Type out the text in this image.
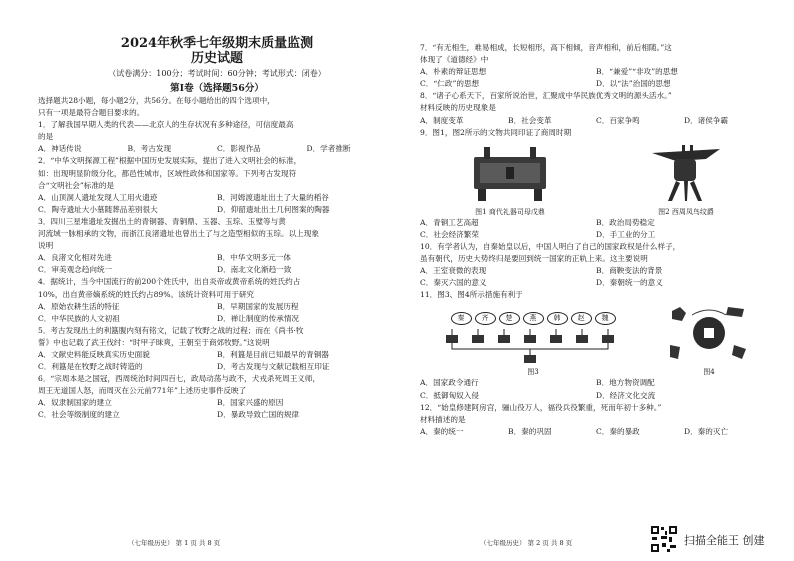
2024年秋季七年级期末质量监测
历史试题
（试卷满分：100分；考试时间：60分钟；考试形式：闭卷）
第Ⅰ卷（选择题56分）

选择题共28小题，每小题2分，共56分。在每小题给出的四个选项中，

只有一项是最符合题目要求的。

1．了解我国早期人类的代表——北京人的生存状况有多种途径，可信度最高

的是

A．神话传说	B．考古发现	C．影视作品	D．学者推断

2．“中华文明探源工程”根据中国历史发展实际，提出了进入文明社会的标准，

如：出现明显阶级分化，都邑性城市，区域性政体和国家等。下列考古发现符

合“文明社会”标准的是

A．山顶洞人遗址发现人工用火遗迹	B．河姆渡遗址出土了大量的稻谷
C．陶寺遗址大小墓随葬品差别很大	D．仰韶遗址出土几何图案的陶器

3．四川三星堆遗址发掘出土的青铜器、青铜鼎、玉器、玉琮、玉璧等与黄

河流域一脉相承的文物，而浙江良渚遗址也曾出土了与之造型相似的玉琮。以上现象

说明

A．良渚文化相对先进	B．中华文明多元一体
C．审美观念趋向统一	D．南北文化渐趋一致

4．据统计，当今中国流行的前200个姓氏中，出自炎帝或黄帝系统的姓氏约占

10%，出自黄帝嫡系统的姓氏约占89%。该统计资料可用于研究

A．原始农耕生活的特征	B．早期国家的发展历程
C．中华民族的人文初祖	D．禅让制度的传承情况

5．考古发现出土的利簋腹内刻有铭文，记载了牧野之战的过程；而在《尚书·牧

誓》中也记载了武王伐纣：“时甲子昧爽，王朝至于商郊牧野。”这说明

A．文献史料能反映真实历史面貌	B．利簋是目前已知最早的青铜器
C．利簋是在牧野之战时铸造的	D．考古发现与文献记载相互印证

6．“宗周本是之国冠，西周统治时间四百七，政局动荡与政不，犬戎杀死周王义师，

周王无道国人怒，而周灭在公元前771年”上述历史事件反映了

A．奴隶制国家的建立	B．国家兴盛的原因
C．社会等级制度的建立	D．暴政导致亡国的规律
（七年级历史） 第 1 页 共 8 页

7．“有无相生，难易相成，长短相形，高下相倾，音声相和，前后相随。”这

体现了《道德经》中

A．朴素的辩证思想	B．“兼爱”“非攻”的思想
C．“仁政”的思想	D．以“法”治国的思想

8．“诸子心系天下，百家所说治世，汇聚成中华民族优秀文明的源头活水。”

材料反映的历史现象是

A．制度变革	B．社会变革	C．百家争鸣	D．诸侯争霸

9．图1，图2所示的文物共同印证了商周时期

图1 商代礼器司母戊鼎	图2 西周凤鸟纹爵
A．青铜工艺高超	B．政治局势稳定
C．社会经济繁荣	D．手工业的分工

10．有学者认为，自秦始皇以后，中国人明白了自己的国家政权是什么样子，

虽有朝代，历史大势终归是要回到统一国家的正轨上来。这主要说明

A．王室衰微的表现	B．商鞅变法的背景
C．秦灭六国的意义	D．秦朝统一的意义

11．图3、图4所示措施有利于

秦	齐	楚	燕	韩	赵	魏
图3	图4
A．国家政令通行	B．地方物资调配
C．抵御匈奴入侵	D．经济文化交流

12．“始皇修建阿房宫，骊山役万人，福役兵役繁重，死而年初十多种。”

材料描述的是

A．秦的统一	B．秦的巩固	C．秦的暴政	D．秦的灭亡
（七年级历史） 第 2 页 共 8 页	扫描全能王 创建
